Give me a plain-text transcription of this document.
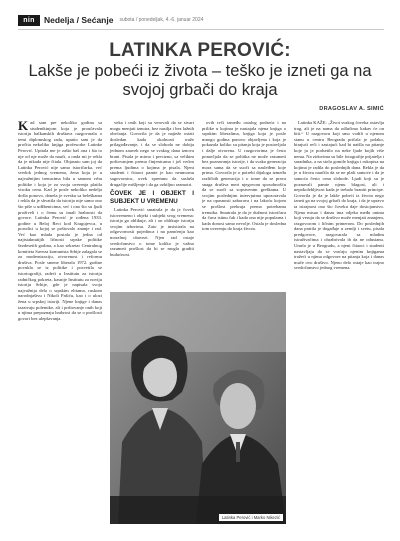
nin	Nedelja / Sećanje subota / ponedeljak, 4.-6. januar 2024
LATINKA PEROVIĆ:
Lakše je pobeći iz života – teško je izneti ga na svojoj grbači do kraja
DRAGOSLAV A. SIMIĆ

Kad sam pre nekoliko godina sa studentkinjom koja je proučavala istoriju balkanskih društava razgovarala o temi diplomskog rada, uputio sam je da pročita nekoliko knjiga profesorke Latinke Perović. Upitala me je zašto baš ona i šta to nje od nje može da nauči, a onda mi je rekla da je nikada nije čitala. Objasnio sam joj da Latinka Perović nije samo istoričarka, već svedok jednog vremena, žena koja je u najvažnijim trenucima bila u samom vrhu politike i koja je za svoja uverenja platila visoku cenu. Kad je posle nekoliko nedelja došla ponovo, donela je svesku sa beleškama i rekla da je shvatila da istorija nije samo ono što piše u udžbenicima, već i ono što su ljudi proživeli i o čemu su imali hrabrosti da govore. Latinka Perović je rođena 1933. godine u Beloj Reci kod Kragujevca, u porodici u kojoj se poštovalo znanje i rad. Već kao mlada postala je jedna od najistaknutijih ličnosti srpske politike šezdesetih godina, a kao sekretar Centralnog komiteta Saveza komunista Srbije zalagala se za modernizaciju, otvorenost i reformu društva. Posle smene liberala 1972. godine povukla se iz politike i posvetila se istoriografiji, radeći u Institutu za istoriju radničkog pokreta, kasnije Institutu za noviju istoriju Srbije, gde je napisala svoja najvažnija dela o srpskim elitama, ruskom narodnjaštvu i Nikoli Pašiću, kao i o ulozi žena u srpskoj istoriji. Njene knjige i danas izazivaju polemike, ali i poštovanje onih koji u njima prepoznaju hrabrost da se o prošlosti govori bez ulepšavanja.

veka i onih koji su verovali da se stvari mogu menjati iznutra, bez nasilja i bez lažnih obećanja. Govorila je da je najteže ostati dosledan kada okolnosti traže prilagođavanje, i da se sloboda ne dobija jednom zauvek nego se svakog dana iznova brani. Pisala je mirno i precizno, sa velikim poštovanjem prema činjenicama i još većim prema ljudima o kojima je pisala. Njeni studenti i čitaoci pamte je kao neumornu sagovornicu, uvek spremnu da sasluša drugačije mišljenje i da ga ozbiljno razmotri.

ČOVEK JE I OBJEKT I SUBJEKT U VREMENU

Latinka Perović smatrala je da je čovek istovremeno i objekt i subjekt svog vremena: istorija ga oblikuje, ali i on oblikuje istoriju svojim izborima. Zato je insistirala na odgovornosti pojedinca i na pamćenju kao moralnoj obavezi. Njen rad ostaje svedočanstvo o tome koliko je važno razumeti prošlost da bi se mogla graditi budućnost.

ovih reči između ostalog podseća i na prilike u kojima je nastajala njena knjiga o srpskim liberalima, knjiga koja je posle mnogo godina ponovo objavljena i koja je pokazala koliko su pitanja koja je postavljala i dalje otvorena. U razgovorima je često ponavljala da se politika ne može razumeti bez poznavanja istorije, i da svaka generacija mora sama da se suoči sa nasleđem koje prima. Govorila je o potrebi dijaloga između različitih generacija i o tome da se prava snaga društva meri njegovom sposobnošću da se suoči sa sopstvenim greškama. U svojim poslednjim intervjuima upozoravala je na opasnosti zaborava i na lakoću kojom se prošlost prekraja prema potrebama trenutka. Smatrala je da je dužnost istoričara da čuva istinu čak i kada ona nije popularna i kada donosi samo nevolje. Ostala je dosledna tom uverenju do kraja života.

Latinka KAŽE: „Život svakog čoveka ostavlja trag, ali je na nama da odlučimo kakav će on biti.“ U razgovoru koji smo vodili u njenom stanu u centru Beograda pričala je polako, birajući reči i zastajući kad bi naišla na pitanje koje ju je podsetilo na neke ljude kojih više nema. Na zidovima su bile fotografije prijatelja i saradnika, a na stolu gomile knjiga i rukopisa na kojima je radila do poslednjih dana. Rekla je da je u životu naučila da se ne plaši samoće i da je samoća često cena slobode. Ljudi koji su je poznavali pamte njenu blagost, ali i nepokolebljivost kada je trebalo braniti principe. Govorila je da je lakše pobeći iz života nego izneti ga na svojoj grbači do kraja, i da je upravo ta istrajnost ono što čoveku daje dostojanstvo. Njena misao i danas ima odjeka među onima koji veruju da se društvo može menjati znanjem, razgovorom i ličnim primerom. Do poslednjih dana pratila je događaje u zemlji i svetu, pisala predgovore, razgovarala sa mladim istraživačima i ohrabrivala ih da ne odustanu. Umrla je u Beogradu, a njeni čitaoci i studenti nastavljaju da se vraćaju njenim knjigama tražeći u njima odgovore na pitanja koja i danas muče ovo društvo. Njeno delo ostaje kao trajno svedočanstvo jednog vremena.

Latinka Perović i Marko Nikezić
